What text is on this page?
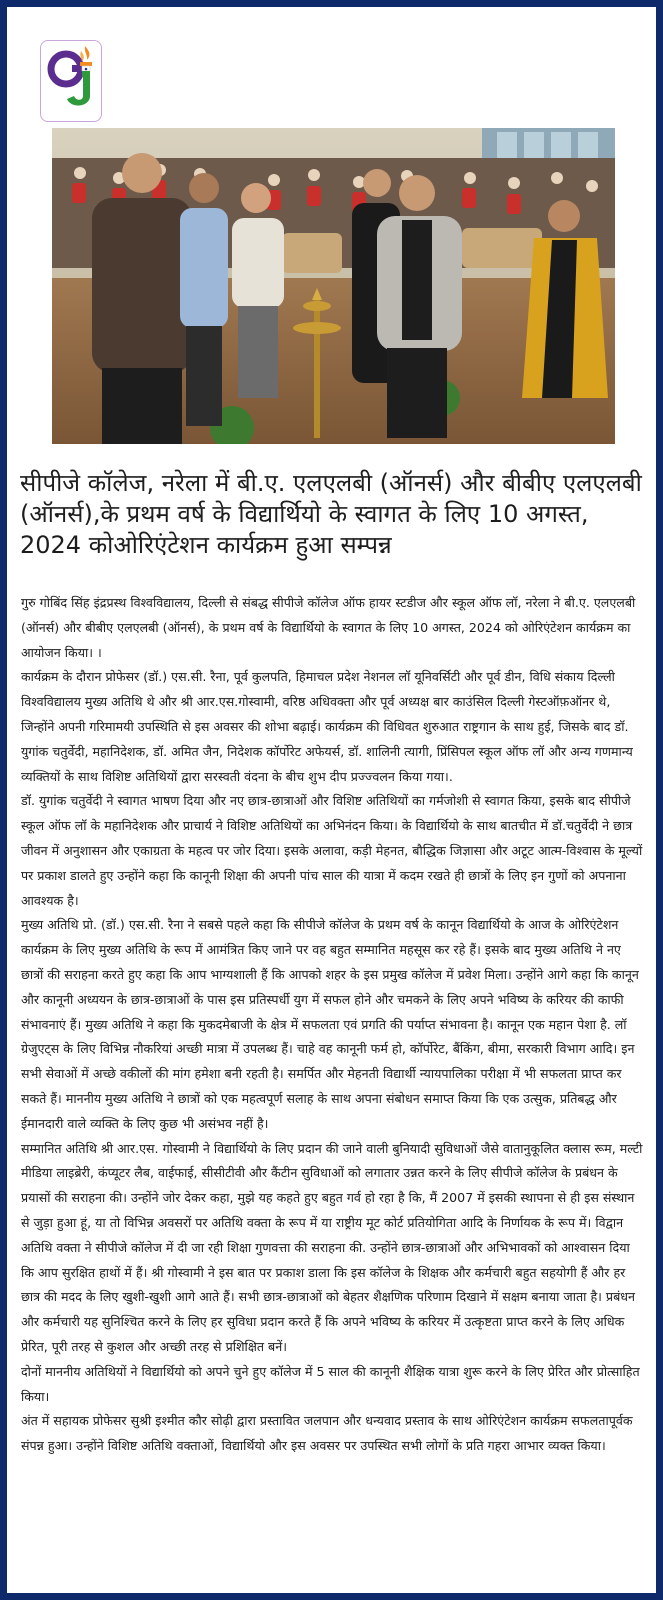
सीपीजे कॉलेज, नरेला में बी.ए. एलएलबी (ऑनर्स) और बीबीए एलएलबी (ऑनर्स),के प्रथम वर्ष के विद्यार्थियो के स्वागत के लिए 10 अगस्त, 2024 कोओरिएंटेशन कार्यक्रम हुआ सम्पन्न

गुरु गोबिंद सिंह इंद्रप्रस्थ विश्वविद्यालय, दिल्ली से संबद्ध सीपीजे कॉलेज ऑफ हायर स्टडीज और स्कूल ऑफ लॉ, नरेला ने बी.ए. एलएलबी (ऑनर्स) और बीबीए एलएलबी (ऑनर्स), के प्रथम वर्ष के विद्यार्थियो के स्वागत के लिए 10 अगस्त, 2024 को ओरिएंटेशन कार्यक्रम का आयोजन किया। ।

कार्यक्रम के दौरान प्रोफेसर (डॉ.) एस.सी. रैना, पूर्व कुलपति, हिमाचल प्रदेश नेशनल लॉ यूनिवर्सिटी और पूर्व डीन, विधि संकाय दिल्ली विश्वविद्यालय मुख्य अतिथि थे और श्री आर.एस.गोस्वामी, वरिष्ठ अधिवक्ता और पूर्व अध्यक्ष बार काउंसिल दिल्ली गेस्टऑफ़ऑनर थे, जिन्होंने अपनी गरिमामयी उपस्थिति से इस अवसर की शोभा बढ़ाई। कार्यक्रम की विधिवत शुरुआत राष्ट्रगान के साथ हुई, जिसके बाद डॉ. युगांक चतुर्वेदी, महानिदेशक, डॉ. अमित जैन, निदेशक कॉर्पोरेट अफेयर्स, डॉ. शालिनी त्यागी, प्रिंसिपल स्कूल ऑफ लॉ और अन्य गणमान्य व्यक्तियों के साथ विशिष्ट अतिथियों द्वारा सरस्वती वंदना के बीच शुभ दीप प्रज्ज्वलन किया गया।.

डॉ. युगांक चतुर्वेदी ने स्वागत भाषण दिया और नए छात्र-छात्राओं और विशिष्ट अतिथियों का गर्मजोशी से स्वागत किया, इसके बाद सीपीजे स्कूल ऑफ लॉ के महानिदेशक और प्राचार्य ने विशिष्ट अतिथियों का अभिनंदन किया। के विद्यार्थियो के साथ बातचीत में डॉ.चतुर्वेदी ने छात्र जीवन में अनुशासन और एकाग्रता के महत्व पर जोर दिया। इसके अलावा, कड़ी मेहनत, बौद्धिक जिज्ञासा और अटूट आत्म-विश्वास के मूल्यों पर प्रकाश डालते हुए उन्होंने कहा कि कानूनी शिक्षा की अपनी पांच साल की यात्रा में कदम रखते ही छात्रों के लिए इन गुणों को अपनाना आवश्यक है।

मुख्य अतिथि प्रो. (डॉ.) एस.सी. रैना ने सबसे पहले कहा कि सीपीजे कॉलेज के प्रथम वर्ष के कानून विद्यार्थियो के आज के ओरिएंटेशन कार्यक्रम के लिए मुख्य अतिथि के रूप में आमंत्रित किए जाने पर वह बहुत सम्मानित महसूस कर रहे हैं। इसके बाद मुख्य अतिथि ने नए छात्रों की सराहना करते हुए कहा कि आप भाग्यशाली हैं कि आपको शहर के इस प्रमुख कॉलेज में प्रवेश मिला। उन्होंने आगे कहा कि कानून और कानूनी अध्ययन के छात्र-छात्राओं के पास इस प्रतिस्पर्धी युग में सफल होने और चमकने के लिए अपने भविष्य के करियर की काफी संभावनाएं हैं। मुख्य अतिथि ने कहा कि मुकदमेबाजी के क्षेत्र में सफलता एवं प्रगति की पर्याप्त संभावना है। कानून एक महान पेशा है. लॉ ग्रेजुएट्स के लिए विभिन्न नौकरियां अच्छी मात्रा में उपलब्ध हैं। चाहे वह कानूनी फर्म हो, कॉर्पोरेट, बैंकिंग, बीमा, सरकारी विभाग आदि। इन सभी सेवाओं में अच्छे वकीलों की मांग हमेशा बनी रहती है। समर्पित और मेहनती विद्यार्थी न्यायपालिका परीक्षा में भी सफलता प्राप्त कर सकते हैं। माननीय मुख्य अतिथि ने छात्रों को एक महत्वपूर्ण सलाह के साथ अपना संबोधन समाप्त किया कि एक उत्सुक, प्रतिबद्ध और ईमानदारी वाले व्यक्ति के लिए कुछ भी असंभव नहीं है।

सम्मानित अतिथि श्री आर.एस. गोस्वामी ने विद्यार्थियो के लिए प्रदान की जाने वाली बुनियादी सुविधाओं जैसे वातानुकूलित क्लास रूम, मल्टी मीडिया लाइब्रेरी, कंप्यूटर लैब, वाईफाई, सीसीटीवी और कैंटीन सुविधाओं को लगातार उन्नत करने के लिए सीपीजे कॉलेज के प्रबंधन के प्रयासों की सराहना की। उन्होंने जोर देकर कहा, मुझे यह कहते हुए बहुत गर्व हो रहा है कि, मैं 2007 में इसकी स्थापना से ही इस संस्थान से जुड़ा हुआ हूं, या तो विभिन्न अवसरों पर अतिथि वक्ता के रूप में या राष्ट्रीय मूट कोर्ट प्रतियोगिता आदि के निर्णायक के रूप में। विद्वान अतिथि वक्ता ने सीपीजे कॉलेज में दी जा रही शिक्षा गुणवत्ता की सराहना की. उन्होंने छात्र-छात्राओं और अभिभावकों को आश्वासन दिया कि आप सुरक्षित हाथों में हैं। श्री गोस्वामी ने इस बात पर प्रकाश डाला कि इस कॉलेज के शिक्षक और कर्मचारी बहुत सहयोगी हैं और हर छात्र की मदद के लिए खुशी-खुशी आगे आते हैं। सभी छात्र-छात्राओं को बेहतर शैक्षणिक परिणाम दिखाने में सक्षम बनाया जाता है। प्रबंधन और कर्मचारी यह सुनिश्चित करने के लिए हर सुविधा प्रदान करते हैं कि अपने भविष्य के करियर में उत्कृष्टता प्राप्त करने के लिए अधिक प्रेरित, पूरी तरह से कुशल और अच्छी तरह से प्रशिक्षित बनें।

दोनों माननीय अतिथियों ने विद्यार्थियो को अपने चुने हुए कॉलेज में 5 साल की कानूनी शैक्षिक यात्रा शुरू करने के लिए प्रेरित और प्रोत्साहित किया।

अंत में सहायक प्रोफेसर सुश्री इश्मीत कौर सोढ़ी द्वारा प्रस्तावित जलपान और धन्यवाद प्रस्ताव के साथ ओरिएंटेशन कार्यक्रम सफलतापूर्वक संपन्न हुआ। उन्होंने विशिष्ट अतिथि वक्ताओं, विद्यार्थियो और इस अवसर पर उपस्थित सभी लोगों के प्रति गहरा आभार व्यक्त किया।
